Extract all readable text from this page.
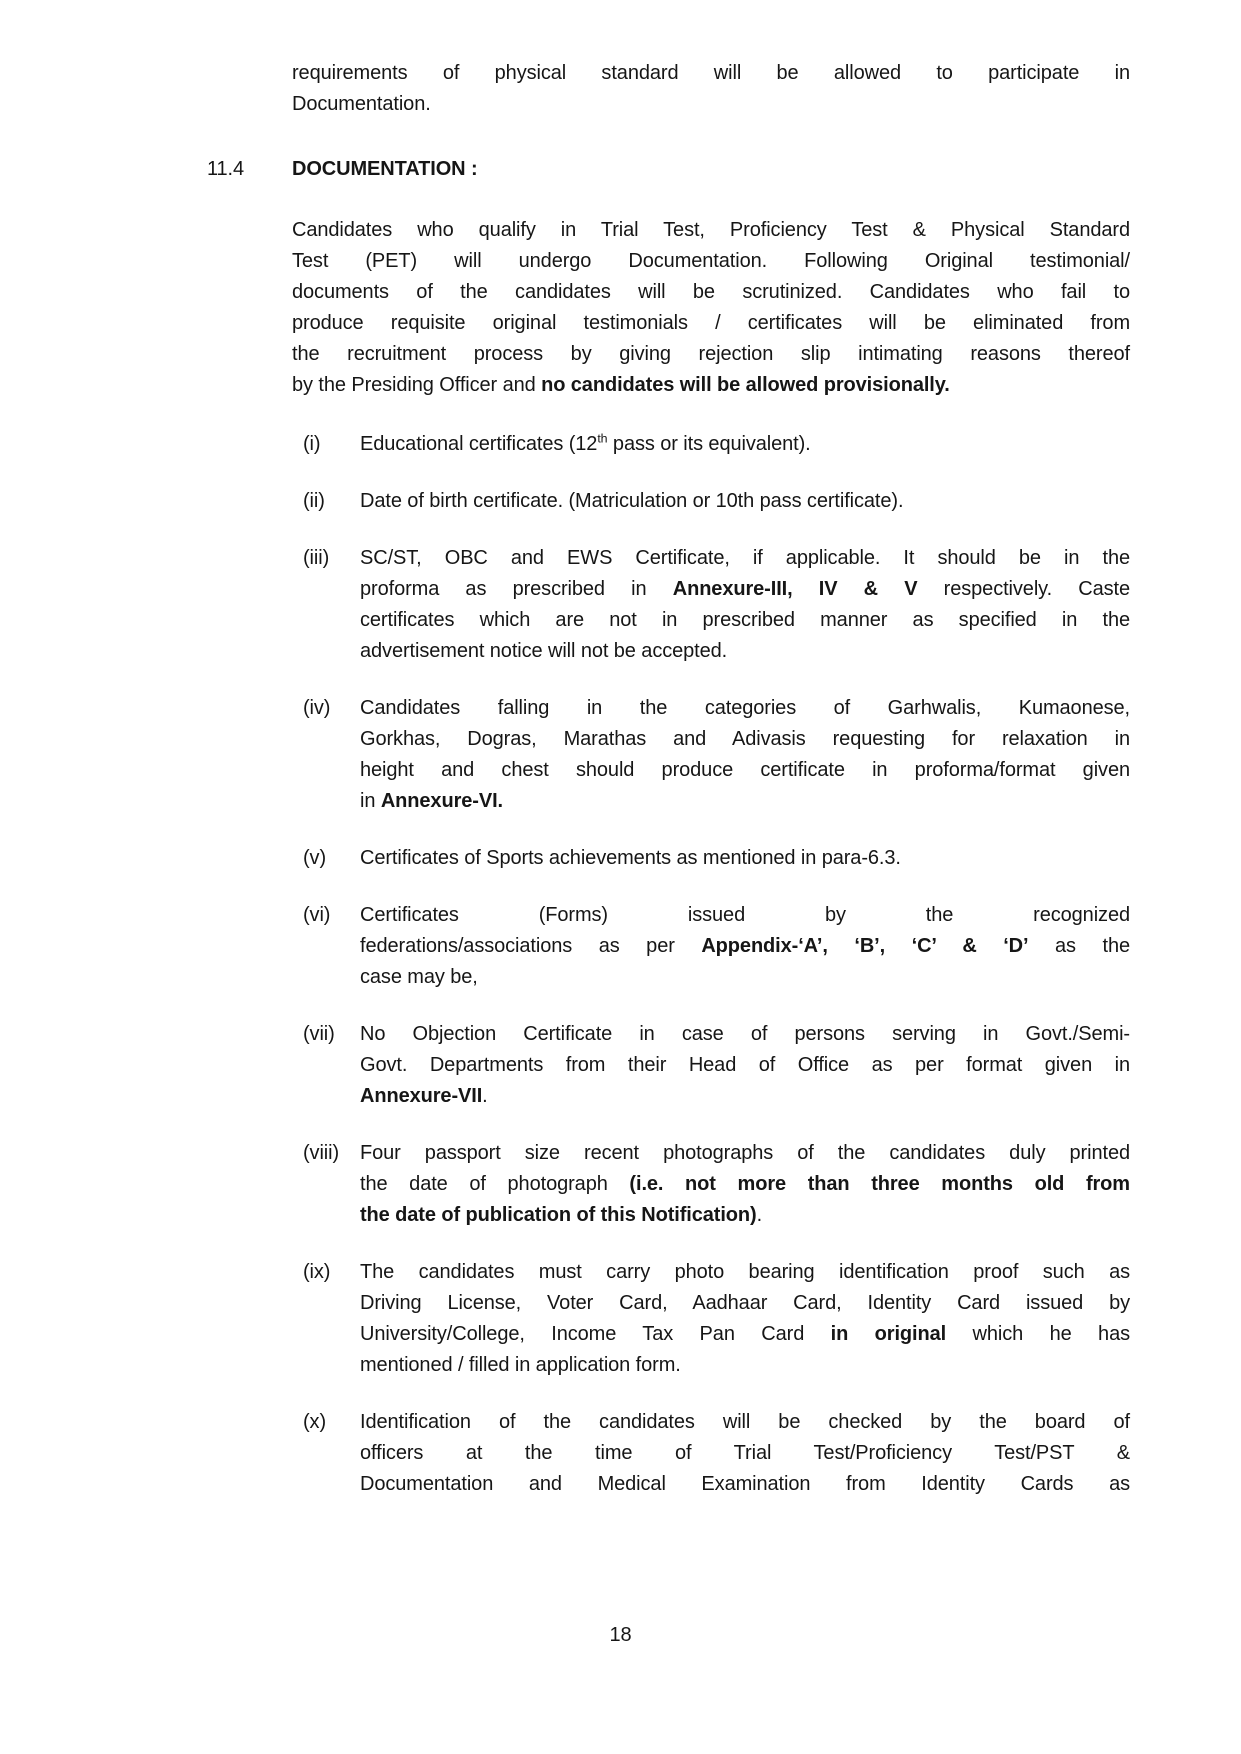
requirements of physical standard will be allowed to participate in
Documentation.
11.4	DOCUMENTATION :
Candidates who qualify in Trial Test, Proficiency Test & Physical Standard
Test (PET) will undergo Documentation. Following Original testimonial/
documents of the candidates will be scrutinized. Candidates who fail to
produce requisite original testimonials / certificates will be eliminated from
the recruitment process by giving rejection slip intimating reasons thereof
by the Presiding Officer and no candidates will be allowed provisionally.
(i)	Educational certificates (12th pass or its equivalent).
(ii)	Date of birth certificate. (Matriculation or 10th pass certificate).
(iii)	SC/ST, OBC and EWS Certificate, if applicable. It should be in the
proforma as prescribed in Annexure-III, IV & V respectively. Caste
certificates which are not in prescribed manner as specified in the
advertisement notice will not be accepted.
(iv)	Candidates falling in the categories of Garhwalis, Kumaonese,
Gorkhas, Dogras, Marathas and Adivasis requesting for relaxation in
height and chest should produce certificate in proforma/format given
in Annexure-VI.
(v)	Certificates of Sports achievements as mentioned in para-6.3.
(vi)	Certificates (Forms) issued by the recognized
federations/associations as per Appendix-‘A’, ‘B’, ‘C’ & ‘D’ as the
case may be,
(vii)	No Objection Certificate in case of persons serving in Govt./Semi-
Govt. Departments from their Head of Office as per format given in
Annexure-VII.
(viii)	Four passport size recent photographs of the candidates duly printed
the date of photograph (i.e. not more than three months old from
the date of publication of this Notification).
(ix)	The candidates must carry photo bearing identification proof such as
Driving License, Voter Card, Aadhaar Card, Identity Card issued by
University/College, Income Tax Pan Card in original which he has
mentioned / filled in application form.
(x)	Identification of the candidates will be checked by the board of
officers at the time of Trial Test/Proficiency Test/PST &
Documentation and Medical Examination from Identity Cards as
18
